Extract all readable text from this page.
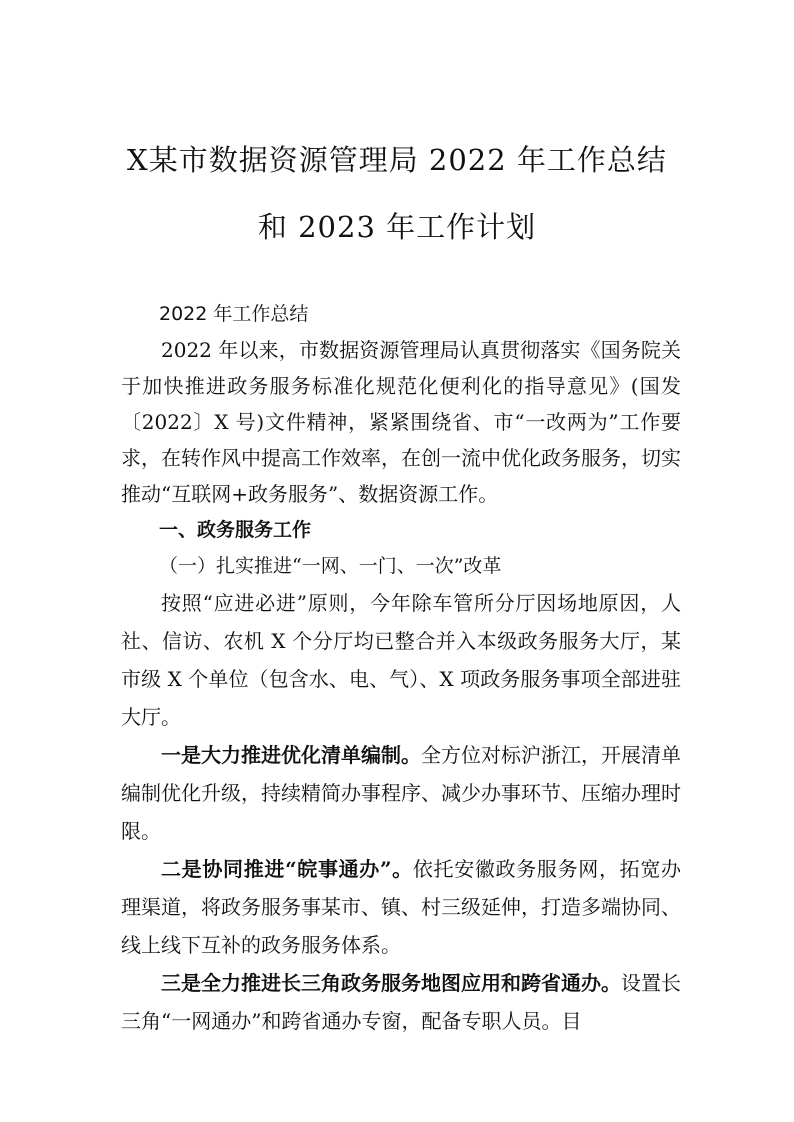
X某市数据资源管理局 2022 年工作总结
和 2023 年工作计划

2022 年工作总结

2022 年以来，市数据资源管理局认真贯彻落实《国务院关于加快推进政务服务标准化规范化便利化的指导意见》(国发〔2022〕X 号)文件精神，紧紧围绕省、市“一改两为”工作要求，在转作风中提高工作效率，在创一流中优化政务服务，切实推动“互联网+政务服务”、数据资源工作。

一、政务服务工作

（一）扎实推进“一网、一门、一次”改革

按照“应进必进”原则，今年除车管所分厅因场地原因，人社、信访、农机 X 个分厅均已整合并入本级政务服务大厅，某市级 X 个单位（包含水、电、气）、X 项政务服务事项全部进驻大厅。

一是大力推进优化清单编制。全方位对标沪浙江，开展清单编制优化升级，持续精简办事程序、减少办事环节、压缩办理时限。

二是协同推进“皖事通办”。依托安徽政务服务网，拓宽办理渠道，将政务服务事某市、镇、村三级延伸，打造多端协同、线上线下互补的政务服务体系。

三是全力推进长三角政务服务地图应用和跨省通办。设置长三角“一网通办”和跨省通办专窗，配备专职人员。目
